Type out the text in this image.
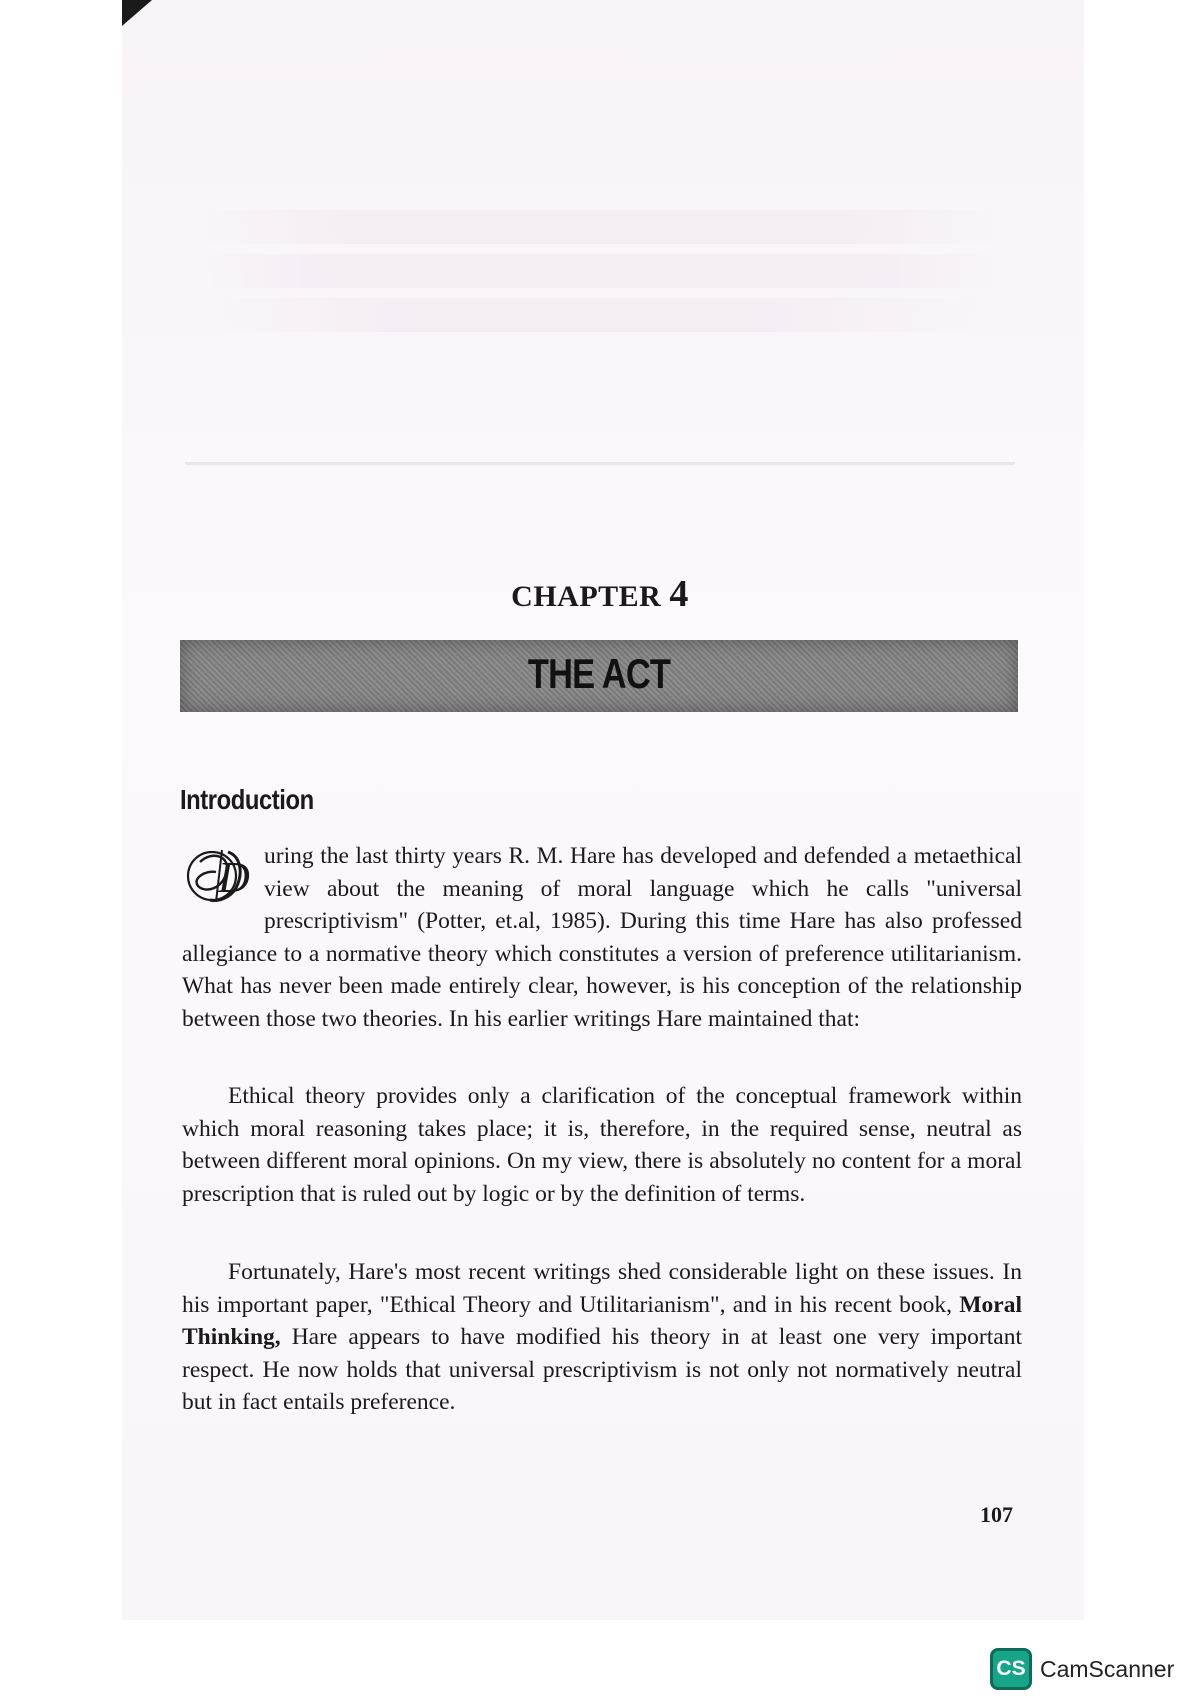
CHAPTER 4
THE ACT
Introduction
D uring the last thirty years R. M. Hare has developed and defended a metaethical view about the meaning of moral language which he calls "universal prescriptivism" (Potter, et.al, 1985). During this time Hare has also professed allegiance to a normative theory which constitutes a version of preference utilitarianism. What has never been made entirely clear, however, is his conception of the relationship between those two theories. In his earlier writings Hare maintained that:
Ethical theory provides only a clarification of the conceptual framework within which moral reasoning takes place; it is, therefore, in the required sense, neutral as between different moral opinions. On my view, there is absolutely no content for a moral prescription that is ruled out by logic or by the definition of terms.
Fortunately, Hare's most recent writings shed considerable light on these issues. In his important paper, "Ethical Theory and Utilitarianism", and in his recent book, Moral Thinking, Hare appears to have modified his theory in at least one very important respect. He now holds that universal prescriptivism is not only not normatively neutral but in fact entails preference.
107
CS CamScanner
